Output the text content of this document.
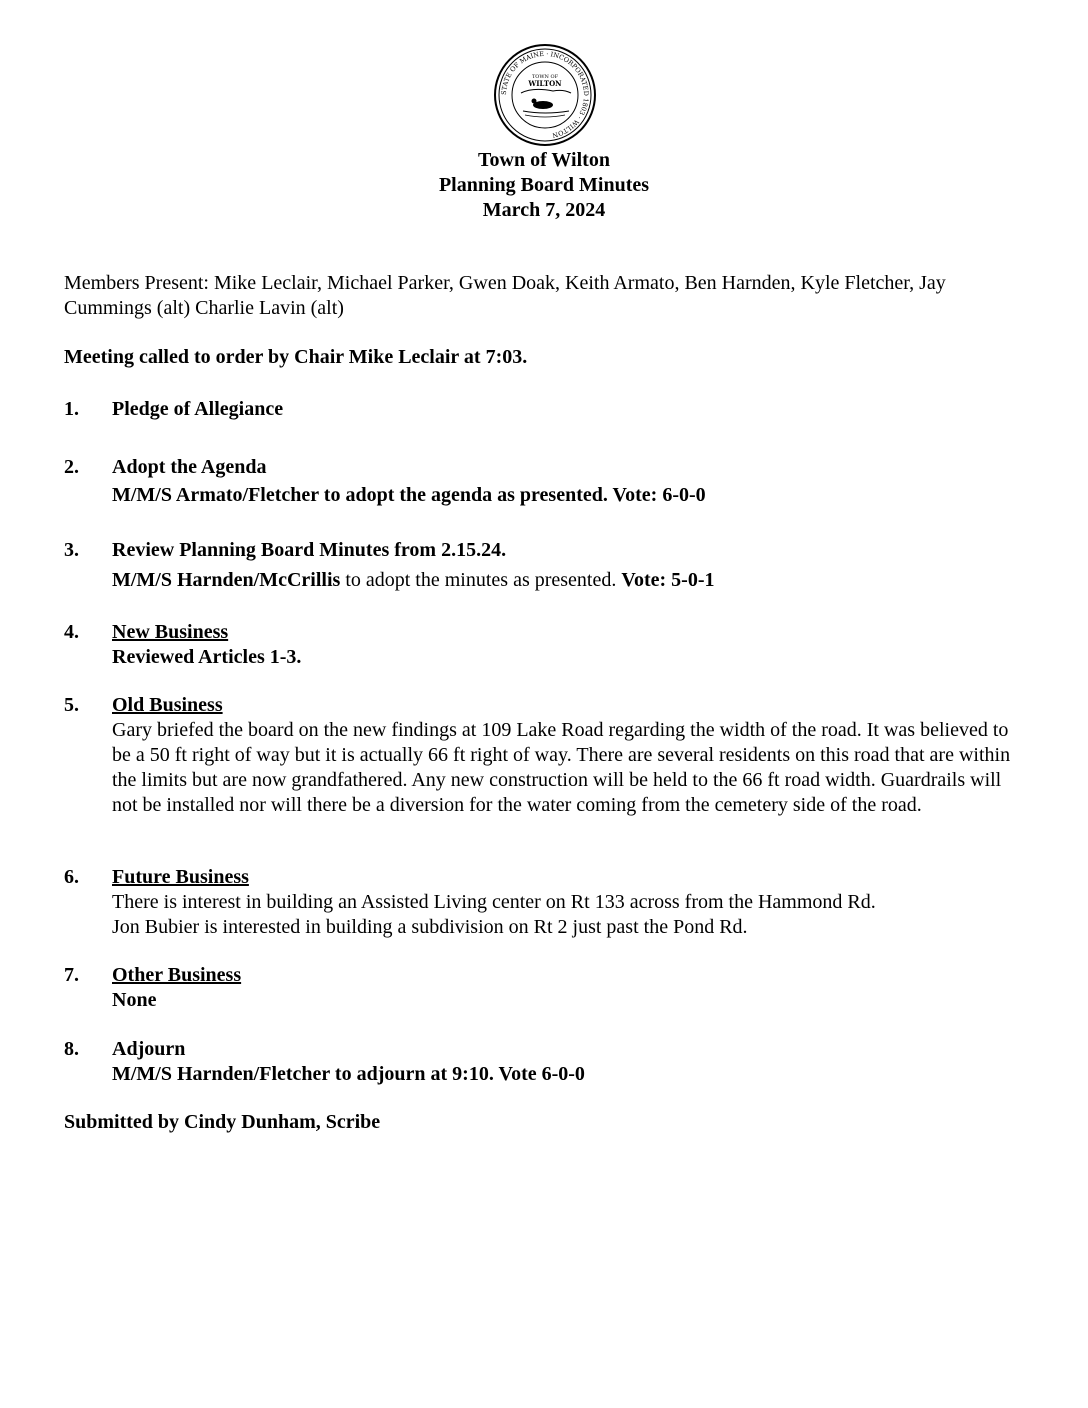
STATE OF MAINE · INCORPORATED 1803 · WILTON
TOWN OF
WILTON
Town of Wilton
Planning Board Minutes
March 7, 2024
Members Present: Mike Leclair, Michael Parker, Gwen Doak, Keith Armato, Ben Harnden, Kyle Fletcher, Jay Cummings (alt) Charlie Lavin (alt)
Meeting called to order by Chair Mike Leclair at 7:03.
1.	Pledge of Allegiance
2.	Adopt the Agenda
M/M/S Armato/Fletcher to adopt the agenda as presented. Vote: 6-0-0
3.	Review Planning Board Minutes from 2.15.24.
M/M/S Harnden/McCrillis to adopt the minutes as presented. Vote: 5-0-1
4.	New Business
Reviewed Articles 1-3.
5.	Old Business
Gary briefed the board on the new findings at 109 Lake Road regarding the width of the road. It was believed to be a 50 ft right of way but it is actually 66 ft right of way. There are several residents on this road that are within the limits but are now grandfathered. Any new construction will be held to the 66 ft road width. Guardrails will not be installed nor will there be a diversion for the water coming from the cemetery side of the road.
6.	Future Business
There is interest in building an Assisted Living center on Rt 133 across from the Hammond Rd.
Jon Bubier is interested in building a subdivision on Rt 2 just past the Pond Rd.
7.	Other Business
None
8.	Adjourn
M/M/S Harnden/Fletcher to adjourn at 9:10. Vote 6-0-0
Submitted by Cindy Dunham, Scribe
